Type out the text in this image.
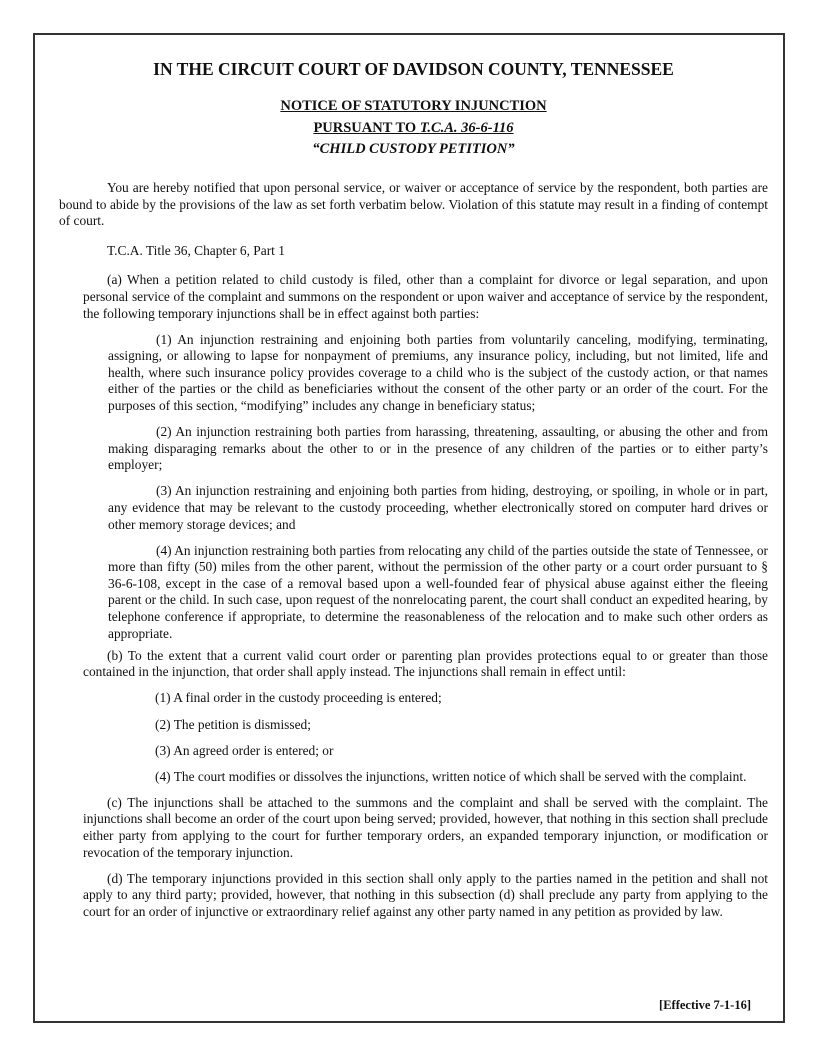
IN THE CIRCUIT COURT OF DAVIDSON COUNTY, TENNESSEE
NOTICE OF STATUTORY INJUNCTION
PURSUANT TO T.C.A. 36-6-116
“CHILD CUSTODY PETITION”

You are hereby notified that upon personal service, or waiver or acceptance of service by the respondent, both parties are bound to abide by the provisions of the law as set forth verbatim below. Violation of this statute may result in a finding of contempt of court.

T.C.A. Title 36, Chapter 6, Part 1

(a) When a petition related to child custody is filed, other than a complaint for divorce or legal separation, and upon personal service of the complaint and summons on the respondent or upon waiver and acceptance of service by the respondent, the following temporary injunctions shall be in effect against both parties:

(1) An injunction restraining and enjoining both parties from voluntarily canceling, modifying, terminating, assigning, or allowing to lapse for nonpayment of premiums, any insurance policy, including, but not limited, life and health, where such insurance policy provides coverage to a child who is the subject of the custody action, or that names either of the parties or the child as beneficiaries without the consent of the other party or an order of the court. For the purposes of this section, “modifying” includes any change in beneficiary status;

(2) An injunction restraining both parties from harassing, threatening, assaulting, or abusing the other and from making disparaging remarks about the other to or in the presence of any children of the parties or to either party’s employer;

(3) An injunction restraining and enjoining both parties from hiding, destroying, or spoiling, in whole or in part, any evidence that may be relevant to the custody proceeding, whether electronically stored on computer hard drives or other memory storage devices; and

(4) An injunction restraining both parties from relocating any child of the parties outside the state of Tennessee, or more than fifty (50) miles from the other parent, without the permission of the other party or a court order pursuant to § 36-6-108, except in the case of a removal based upon a well-founded fear of physical abuse against either the fleeing parent or the child. In such case, upon request of the nonrelocating parent, the court shall conduct an expedited hearing, by telephone conference if appropriate, to determine the reasonableness of the relocation and to make such other orders as appropriate.

(b) To the extent that a current valid court order or parenting plan provides protections equal to or greater than those contained in the injunction, that order shall apply instead. The injunctions shall remain in effect until:

(1) A final order in the custody proceeding is entered;

(2) The petition is dismissed;

(3) An agreed order is entered; or

(4) The court modifies or dissolves the injunctions, written notice of which shall be served with the complaint.

(c) The injunctions shall be attached to the summons and the complaint and shall be served with the complaint. The injunctions shall become an order of the court upon being served; provided, however, that nothing in this section shall preclude either party from applying to the court for further temporary orders, an expanded temporary injunction, or modification or revocation of the temporary injunction.

(d) The temporary injunctions provided in this section shall only apply to the parties named in the petition and shall not apply to any third party; provided, however, that nothing in this subsection (d) shall preclude any party from applying to the court for an order of injunctive or extraordinary relief against any other party named in any petition as provided by law.

[Effective 7-1-16]
